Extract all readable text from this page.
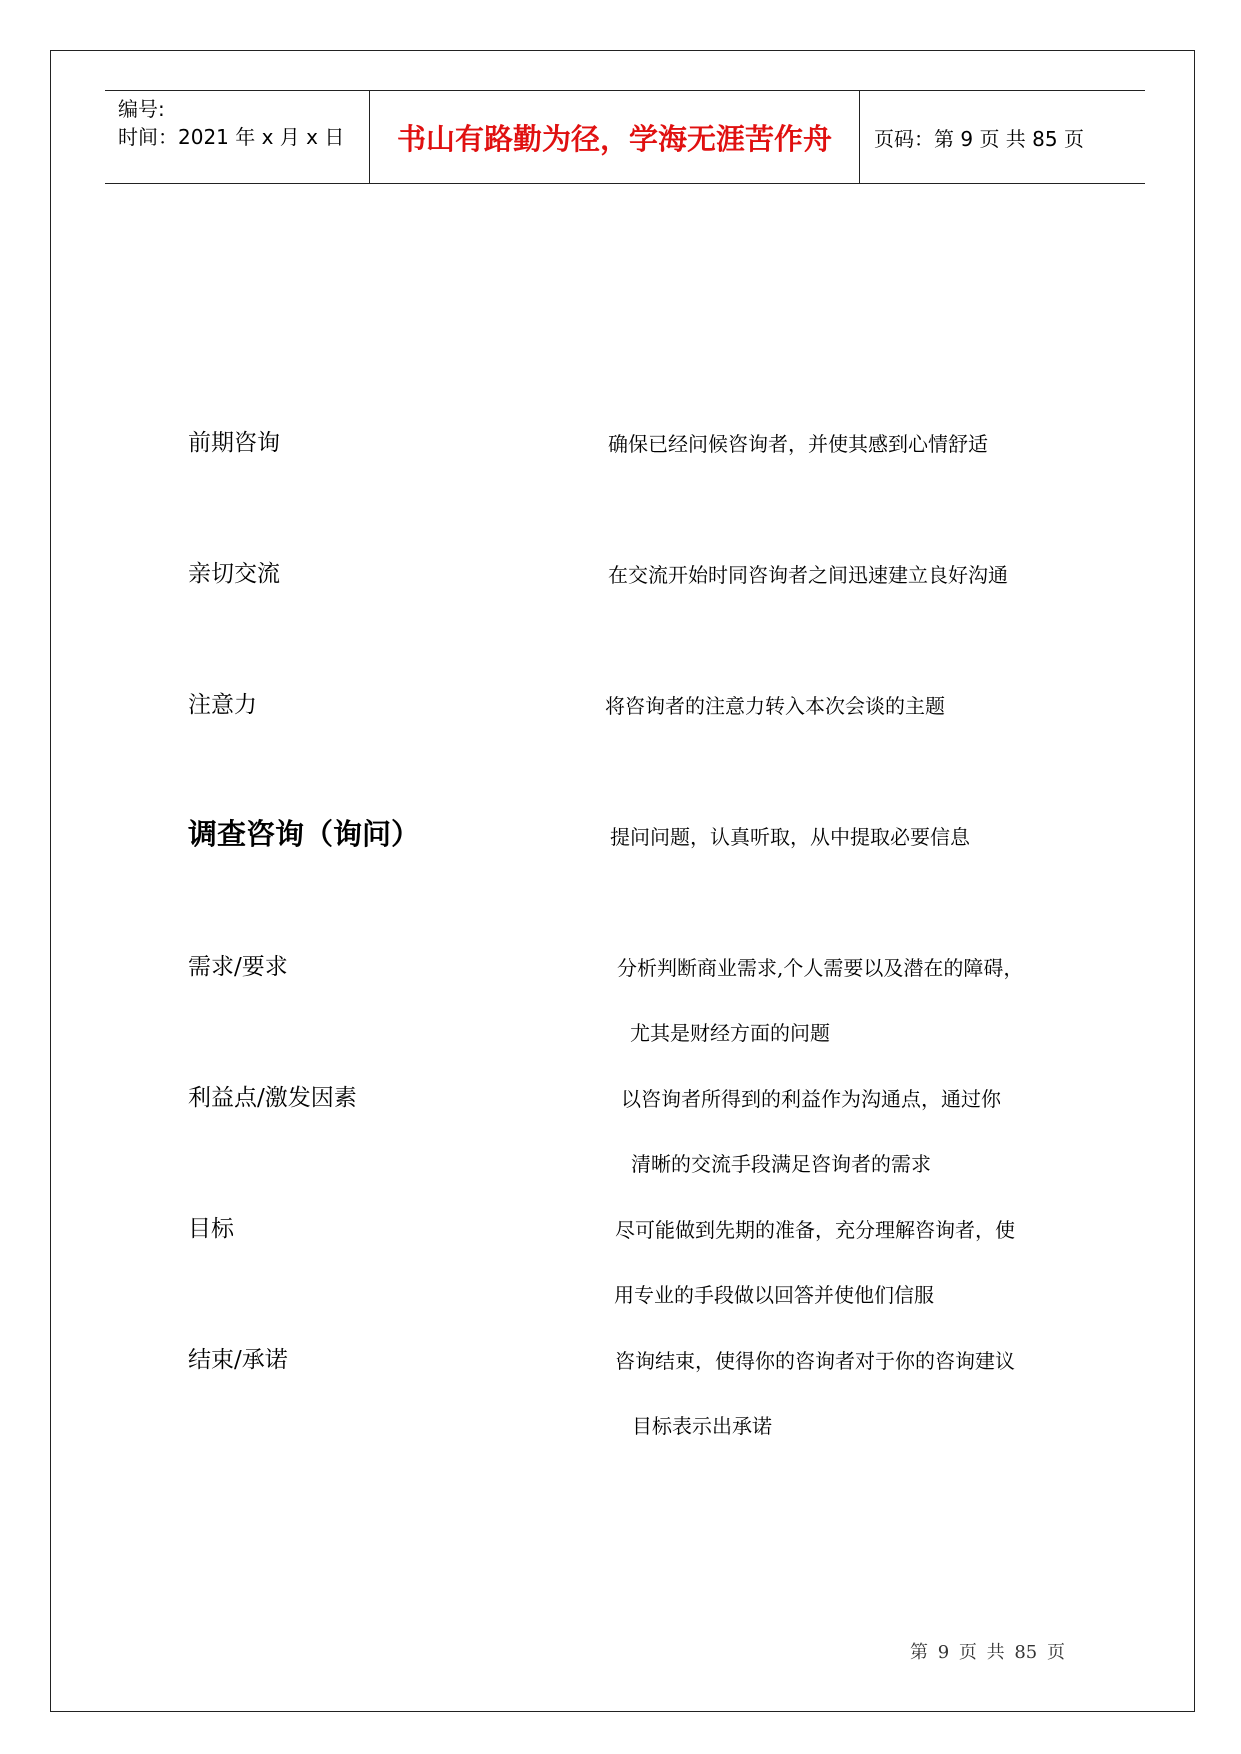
编号:
时间：2021 年 x 月 x 日	书山有路勤为径，学海无涯苦作舟 页码：第 9 页 共 85 页
前期咨询	确保已经问候咨询者，并使其感到心情舒适
亲切交流	在交流开始时同咨询者之间迅速建立良好沟通
注意力	将咨询者的注意力转入本次会谈的主题
调查咨询（询问）	提问问题，认真听取，从中提取必要信息
需求/要求	分析判断商业需求,个人需要以及潜在的障碍，
尤其是财经方面的问题
利益点/激发因素	以咨询者所得到的利益作为沟通点，通过你
清晰的交流手段满足咨询者的需求
目标	尽可能做到先期的准备，充分理解咨询者，使
用专业的手段做以回答并使他们信服
结束/承诺	咨询结束，使得你的咨询者对于你的咨询建议
目标表示出承诺
第 9 页 共 85 页
